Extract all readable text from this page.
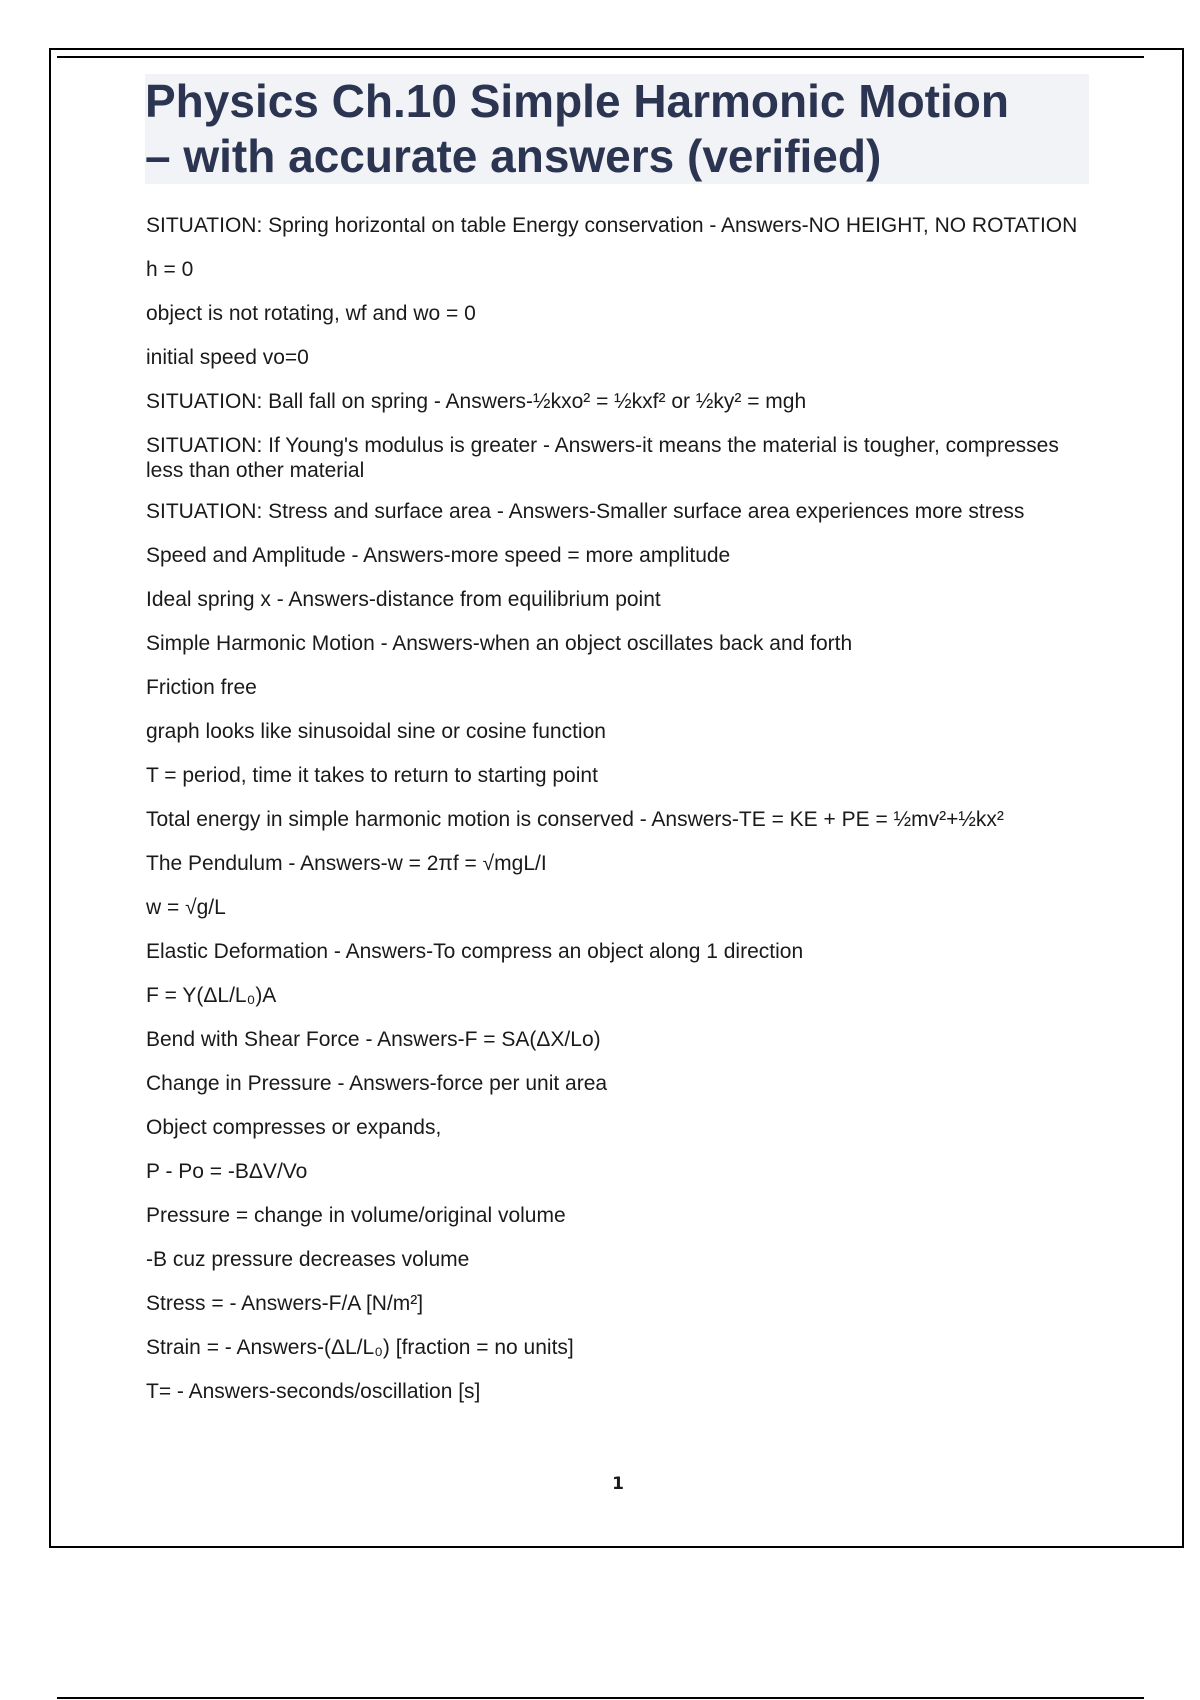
Physics Ch.10 Simple Harmonic Motion
– with accurate answers (verified)

SITUATION: Spring horizontal on table Energy conservation - Answers-NO HEIGHT, NO ROTATION

h = 0

object is not rotating, wf and wo = 0

initial speed vo=0

SITUATION: Ball fall on spring - Answers-½kxo² = ½kxf² or ½ky² = mgh

SITUATION: If Young's modulus is greater - Answers-it means the material is tougher, compresses less than other material

SITUATION: Stress and surface area - Answers-Smaller surface area experiences more stress

Speed and Amplitude - Answers-more speed = more amplitude

Ideal spring x - Answers-distance from equilibrium point

Simple Harmonic Motion - Answers-when an object oscillates back and forth

Friction free

graph looks like sinusoidal sine or cosine function

T = period, time it takes to return to starting point

Total energy in simple harmonic motion is conserved - Answers-TE = KE + PE = ½mv²+½kx²

The Pendulum - Answers-w = 2πf = √mgL/I

w = √g/L

Elastic Deformation - Answers-To compress an object along 1 direction

F = Y(ΔL/L₀)A

Bend with Shear Force - Answers-F = SA(ΔX/Lo)

Change in Pressure - Answers-force per unit area

Object compresses or expands,

P - Po = -BΔV/Vo

Pressure = change in volume/original volume

-B cuz pressure decreases volume

Stress = - Answers-F/A [N/m²]

Strain = - Answers-(ΔL/L₀) [fraction = no units]

T= - Answers-seconds/oscillation [s]

1
